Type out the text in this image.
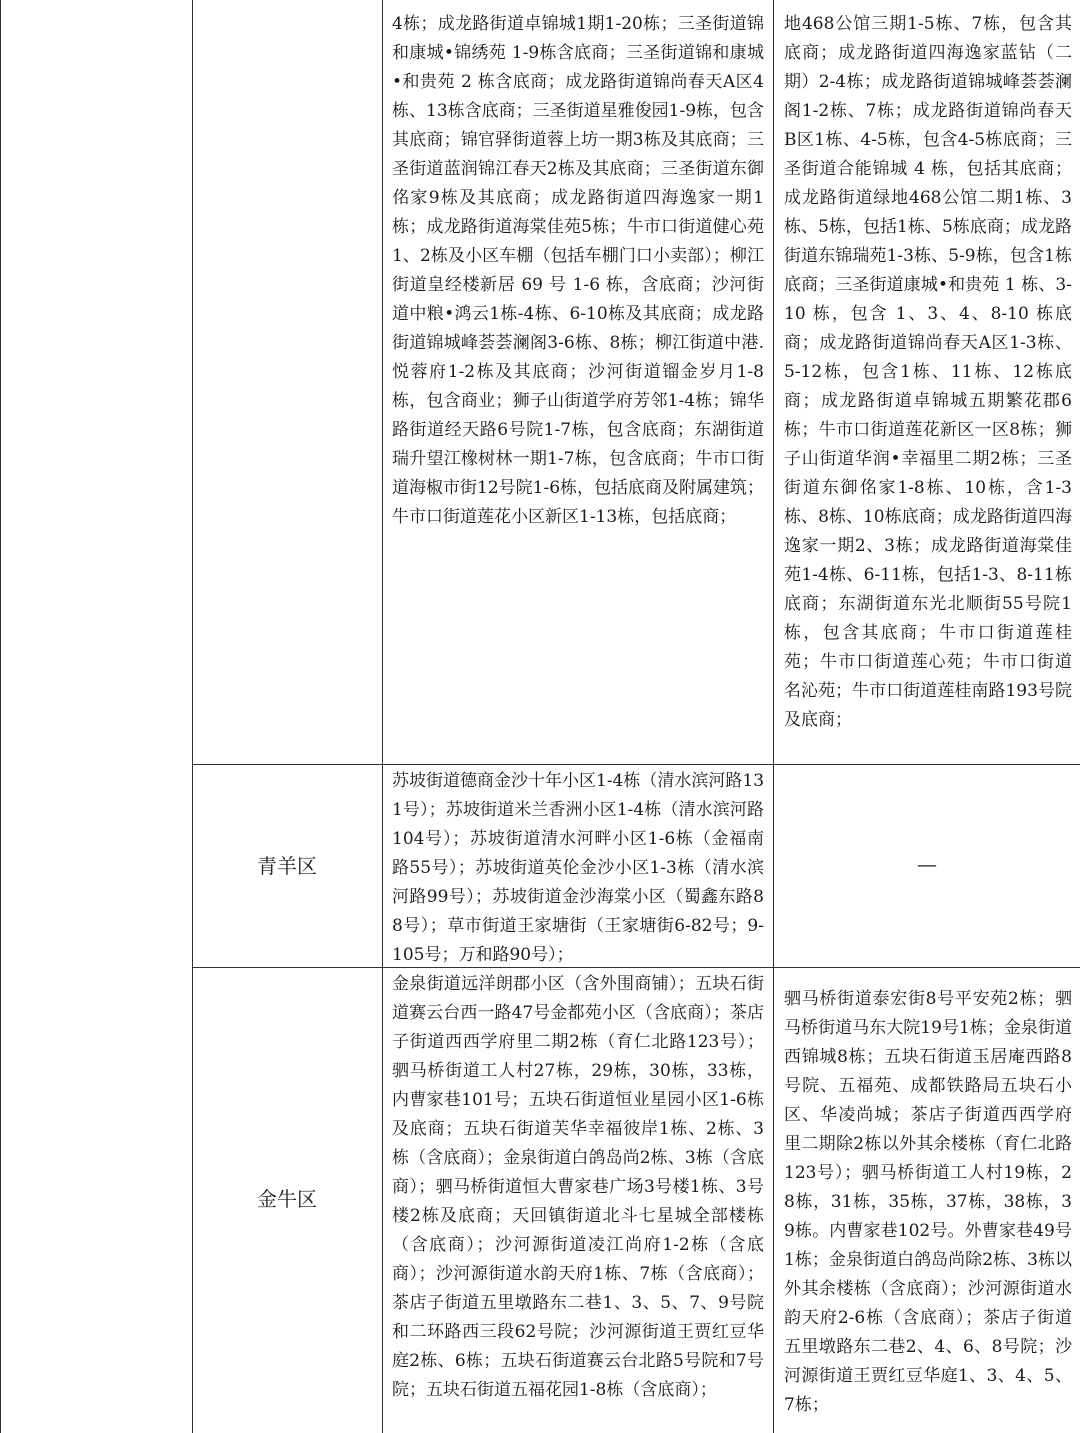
4栋；成龙路街道卓锦城1期1-20栋；三圣街道锦和康城•锦绣苑 1-9栋含底商；三圣街道锦和康城•和贵苑 2 栋含底商；成龙路街道锦尚春天A区4栋、13栋含底商；三圣街道星雅俊园1-9栋，包含其底商；锦官驿街道蓉上坊一期3栋及其底商；三圣街道蓝润锦江春天2栋及其底商；三圣街道东御佲家9栋及其底商；成龙路街道四海逸家一期1栋；成龙路街道海棠佳苑5栋；牛市口街道健心苑1、2栋及小区车棚（包括车棚门口小卖部）；柳江街道皇经楼新居 69 号 1-6 栋，含底商；沙河街道中粮•鸿云1栋-4栋、6-10栋及其底商；成龙路街道锦城峰荟荟澜阁3-6栋、8栋；柳江街道中港.悦蓉府1-2栋及其底商；沙河街道镏金岁月1-8栋，包含商业；狮子山街道学府芳邻1-4栋；锦华路街道经天路6号院1-7栋，包含底商；东湖街道瑞升望江橡树林一期1-7栋，包含底商；牛市口街道海椒市街12号院1-6栋，包括底商及附属建筑；牛市口街道莲花小区新区1-13栋，包括底商；
地468公馆三期1-5栋、7栋，包含其底商；成龙路街道四海逸家蓝钻（二期）2-4栋；成龙路街道锦城峰荟荟澜阁1-2栋、7栋；成龙路街道锦尚春天B区1栋、4-5栋，包含4-5栋底商；三圣街道合能锦城 4 栋，包括其底商；成龙路街道绿地468公馆二期1栋、3栋、5栋，包括1栋、5栋底商；成龙路街道东锦瑞苑1-3栋、5-9栋，包含1栋底商；三圣街道康城•和贵苑 1 栋、3-10 栋，包含 1、3、4、8-10 栋底商；成龙路街道锦尚春天A区1-3栋、5-12栋，包含1栋、11栋、12栋底商；成龙路街道卓锦城五期繁花郡6栋；牛市口街道莲花新区一区8栋；狮子山街道华润•幸福里二期2栋；三圣街道东御佲家1-8栋、10栋，含1-3栋、8栋、10栋底商；成龙路街道四海逸家一期2、3栋；成龙路街道海棠佳苑1-4栋、6-11栋，包括1-3、8-11栋底商；东湖街道东光北顺街55号院1栋，包含其底商；牛市口街道莲桂苑；牛市口街道莲心苑；牛市口街道名沁苑；牛市口街道莲桂南路193号院及底商；
青羊区
苏坡街道德商金沙十年小区1-4栋（清水滨河路131号）；苏坡街道米兰香洲小区1-4栋（清水滨河路104号）；苏坡街道清水河畔小区1-6栋（金福南路55号）；苏坡街道英伦金沙小区1-3栋（清水滨河路99号）；苏坡街道金沙海棠小区（蜀鑫东路88号）；草市街道王家塘街（王家塘街6-82号；9-105号；万和路90号）；
—
金牛区
金泉街道远洋朗郡小区（含外围商铺）；五块石街道赛云台西一路47号金都苑小区（含底商）；茶店子街道西西学府里二期2栋（育仁北路123号）；驷马桥街道工人村27栋，29栋，30栋，33栋，内曹家巷101号；五块石街道恒业星园小区1-6栋及底商；五块石街道芙华幸福彼岸1栋、2栋、3栋（含底商）；金泉街道白鸽岛尚2栋、3栋（含底商）；驷马桥街道恒大曹家巷广场3号楼1栋、3号楼2栋及底商；天回镇街道北斗七星城全部楼栋（含底商）；沙河源街道凌江尚府1-2栋（含底商）；沙河源街道水韵天府1栋、7栋（含底商）；茶店子街道五里墩路东二巷1、3、5、7、9号院和二环路西三段62号院；沙河源街道王贾红豆华庭2栋、6栋；五块石街道赛云台北路5号院和7号院；五块石街道五福花园1-8栋（含底商）；
驷马桥街道泰宏街8号平安苑2栋；驷马桥街道马东大院19号1栋；金泉街道西锦城8栋；五块石街道玉居庵西路8号院、五福苑、成都铁路局五块石小区、华凌尚城；茶店子街道西西学府里二期除2栋以外其余楼栋（育仁北路123号）；驷马桥街道工人村19栋，28栋，31栋，35栋，37栋，38栋，39栋。内曹家巷102号。外曹家巷49号1栋；金泉街道白鸽岛尚除2栋、3栋以外其余楼栋（含底商）；沙河源街道水韵天府2-6栋（含底商）；茶店子街道五里墩路东二巷2、4、6、8号院；沙河源街道王贾红豆华庭1、3、4、5、7栋；
